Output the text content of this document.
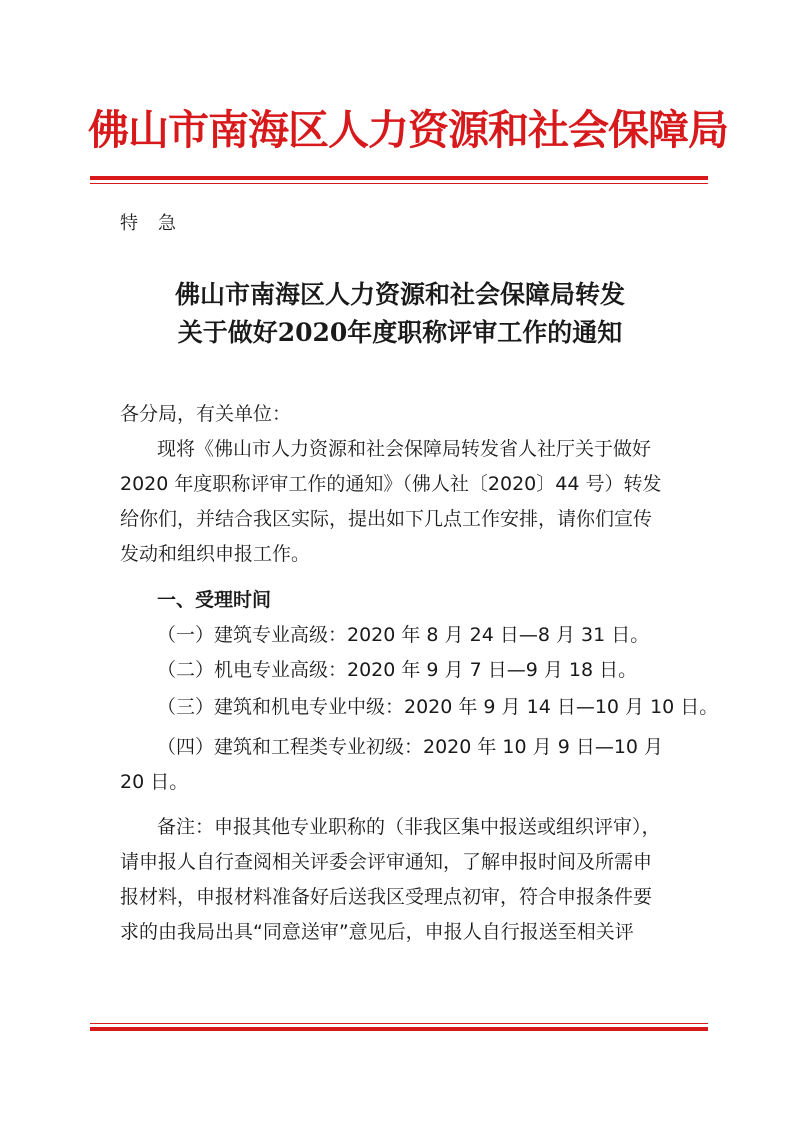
佛山市南海区人力资源和社会保障局
特急
佛山市南海区人力资源和社会保障局转发
关于做好2020年度职称评审工作的通知
各分局，有关单位：
现将《佛山市人力资源和社会保障局转发省人社厅关于做好
2020 年度职称评审工作的通知》（佛人社〔2020〕44 号）转发
给你们，并结合我区实际，提出如下几点工作安排，请你们宣传
发动和组织申报工作。
一、受理时间
（一）建筑专业高级：2020 年 8 月 24 日—8 月 31 日。
（二）机电专业高级：2020 年 9 月 7 日—9 月 18 日。
（三）建筑和机电专业中级：2020 年 9 月 14 日—10 月 10 日。
（四）建筑和工程类专业初级：2020 年 10 月 9 日—10 月
20 日。
备注：申报其他专业职称的（非我区集中报送或组织评审），
请申报人自行查阅相关评委会评审通知，了解申报时间及所需申
报材料，申报材料准备好后送我区受理点初审，符合申报条件要
求的由我局出具“同意送审”意见后，申报人自行报送至相关评
